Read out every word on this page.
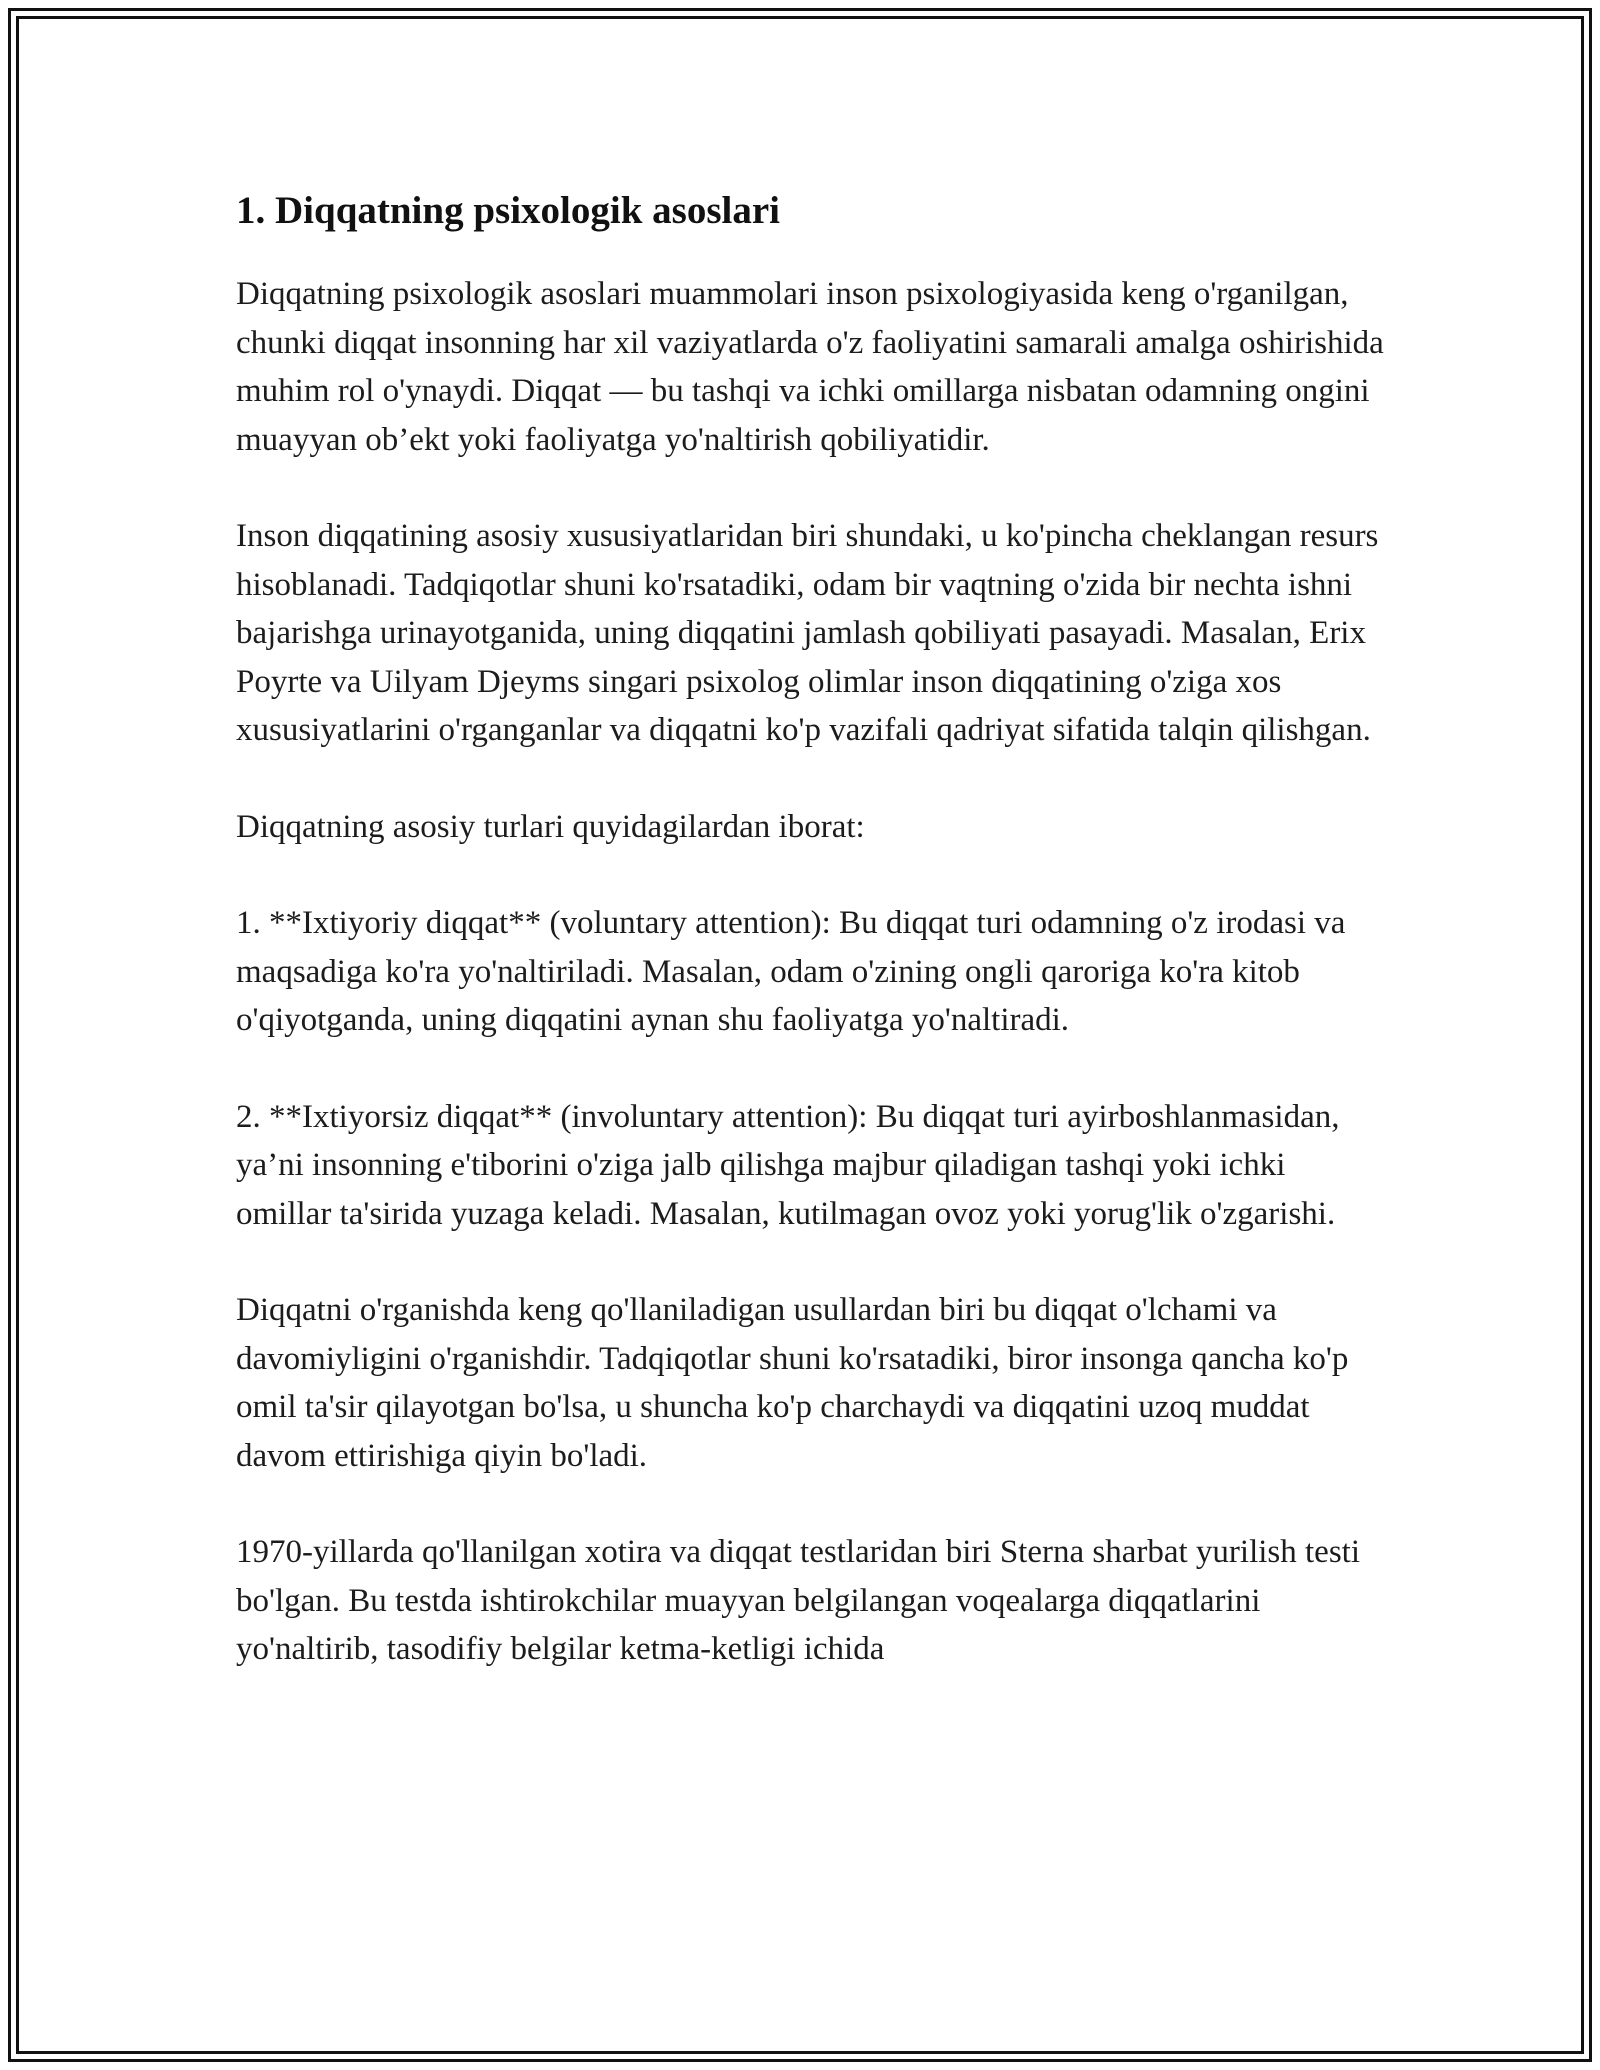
1. Diqqatning psixologik asoslari

Diqqatning psixologik asoslari muammolari inson psixologiyasida keng o'rganilgan, chunki diqqat insonning har xil vaziyatlarda o'z faoliyatini samarali amalga oshirishida muhim rol o'ynaydi. Diqqat — bu tashqi va ichki omillarga nisbatan odamning ongini muayyan ob’ekt yoki faoliyatga yo'naltirish qobiliyatidir.

Inson diqqatining asosiy xususiyatlaridan biri shundaki, u ko'pincha cheklangan resurs hisoblanadi. Tadqiqotlar shuni ko'rsatadiki, odam bir vaqtning o'zida bir nechta ishni bajarishga urinayotganida, uning diqqatini jamlash qobiliyati pasayadi. Masalan, Erix Poyrte va Uilyam Djeyms singari psixolog olimlar inson diqqatining o'ziga xos xususiyatlarini o'rganganlar va diqqatni ko'p vazifali qadriyat sifatida talqin qilishgan.

Diqqatning asosiy turlari quyidagilardan iborat:

1. **Ixtiyoriy diqqat** (voluntary attention): Bu diqqat turi odamning o'z irodasi va maqsadiga ko'ra yo'naltiriladi. Masalan, odam o'zining ongli qaroriga ko'ra kitob o'qiyotganda, uning diqqatini aynan shu faoliyatga yo'naltiradi.

2. **Ixtiyorsiz diqqat** (involuntary attention): Bu diqqat turi ayirboshlanmasidan, ya’ni insonning e'tiborini o'ziga jalb qilishga majbur qiladigan tashqi yoki ichki omillar ta'sirida yuzaga keladi. Masalan, kutilmagan ovoz yoki yorug'lik o'zgarishi.

Diqqatni o'rganishda keng qo'llaniladigan usullardan biri bu diqqat o'lchami va davomiyligini o'rganishdir. Tadqiqotlar shuni ko'rsatadiki, biror insonga qancha ko'p omil ta'sir qilayotgan bo'lsa, u shuncha ko'p charchaydi va diqqatini uzoq muddat davom ettirishiga qiyin bo'ladi.

1970-yillarda qo'llanilgan xotira va diqqat testlaridan biri Sterna sharbat yurilish testi bo'lgan. Bu testda ishtirokchilar muayyan belgilangan voqealarga diqqatlarini yo'naltirib, tasodifiy belgilar ketma-ketligi ichida
